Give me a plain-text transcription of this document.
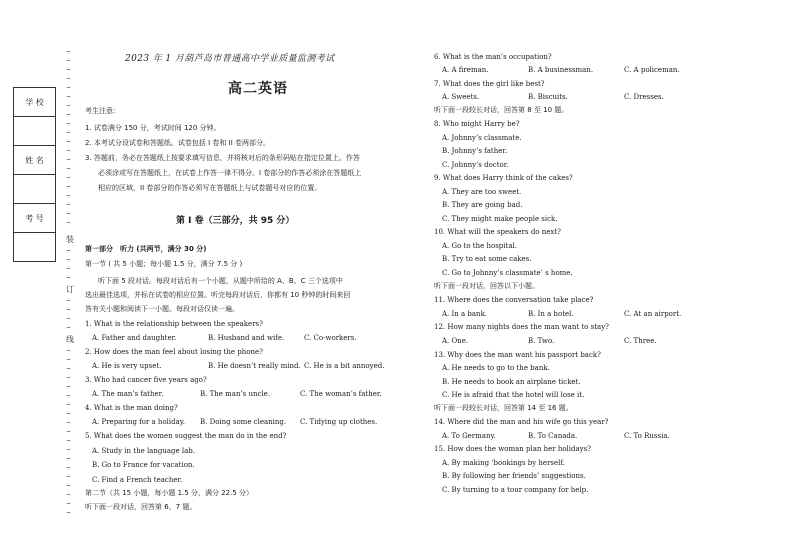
···
···
···
···
···
···
···
···
···
···
···
···
···
···
···
···
···
···
···
···
装
···
···
···
···
订
···
···
···
···
线
···
···
···
···
···
···
···
···
···
···
···
···
···
···
···
···
···
···
···
学 校

姓 名

考 号

2023 年 1 月葫芦岛市普通高中学业质量监测考试
高二英语
考生注意:
1. 试卷满分 150 分，考试时间 120 分钟。
2. 本考试分设试卷和答题纸。试卷包括 I 卷和 II 卷两部分。
3. 答题前，务必在答题纸上按要求填写信息，并将核对后的条形码贴在指定位置上。作答
必须涂或写在答题纸上，在试卷上作答一律不得分。I 卷部分的作答必须涂在答题纸上
相应的区域，II 卷部分的作答必须写在答题纸上与试卷题号对应的位置。
第 I 卷（三部分，共 95 分）
第一部分　听力 (共两节，满分 30 分)
第一节 ( 共 5 小题；每小题 1.5 分，满分 7.5 分 )
听下面 5 段对话。每段对话后有一个小题，从题中所给的 A、B、C 三个选项中
选出最佳选项，并标在试卷的相应位置。听完每段对话后，你都有 10 秒钟的时间来回
答有关小题和阅读下一小题。每段对话仅读一遍。
1. What is the relationship between the speakers?
A. Father and daughter.	B. Husband and wife.	C. Co-workers.
2. How does the man feel about losing the phone?
A. He is very upset.	B. He doesn’t really mind. C. He is a bit annoyed.
3. Who had cancer five years ago?
A. The man’s father.	B. The man’s uncle.	C. The woman’s father.
4. What is the man doing?
A. Preparing for a holiday. B. Doing some cleaning. C. Tidying up clothes.
5. What does the women suggest the man do in the end?
A. Study in the language lab.
B. Go to France for vacation.
C. Find a French teacher.
第二节（共 15 小题，每小题 1.5 分，满分 22.5 分）
听下面一段对话，回答第 6、7 题。
6. What is the man’s occupation?
A. A fireman.	B. A businessman.	C. A policeman.
7. What does the girl like best?
A. Sweets.	B. Biscuits.	C. Dresses.
听下面一段较长对话，回答第 8 至 10 题。
8. Who might Harry be?
A. Johnny’s classmate.
B. Johnny’s father.
C. Johnny’s doctor.
9. What does Harry think of the cakes?
A. They are too sweet.
B. They are going bad.
C. They might make people sick.
10. What will the speakers do next?
A. Go to the hospital.
B. Try to eat some cakes.
C. Go to Johnny’s classmate’ s home.
听下面一段对话，回答以下小题。
11. Where does the conversation take place?
A. In a bank.	B. In a hotel.	C. At an airport.
12. How many nights does the man want to stay?
A. One.	B. Two.	C. Three.
13. Why does the man want his passport back?
A. He needs to go to the bank.
B. He needs to book an airplane ticket.
C. He is afraid that the hotel will lose it.
听下面一段较长对话，回答第 14 至 16 题。
14. Where did the man and his wife go this year?
A. To Germany.	B. To Canada.	C. To Russia.
15. How does the woman plan her holidays?
A. By making ‘bookings by herself.
B. By following her friends’ suggestions.
C. By turning to a tour company for help.
